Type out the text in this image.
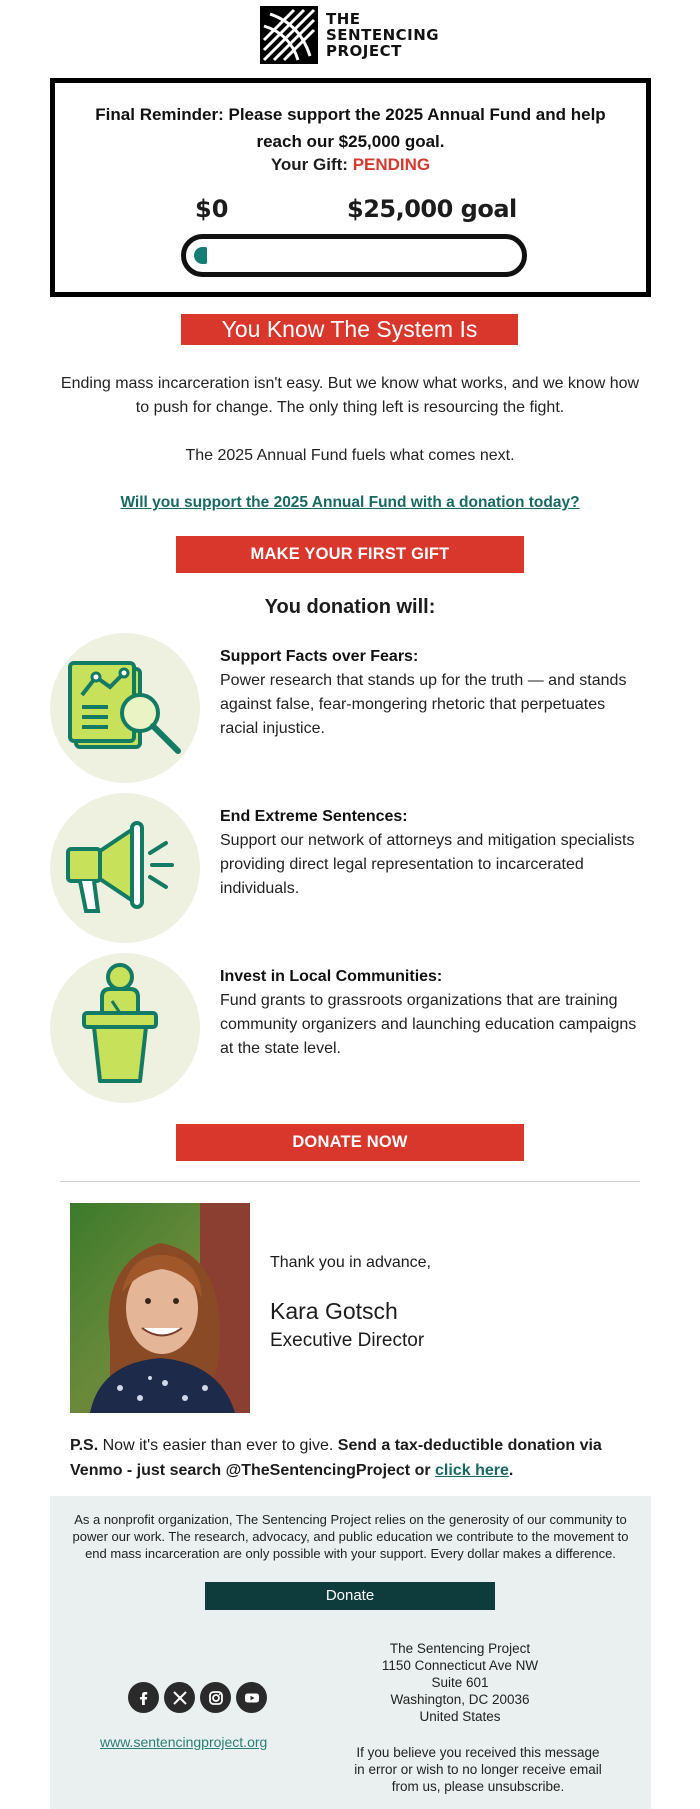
THE
SENTENCING
PROJECT
Final Reminder: Please support the 2025 Annual Fund and help reach our $25,000 goal.
Your Gift: PENDING
$0	$25,000 goal
You Know The System Is Broken.
Ending mass incarceration isn't easy. But we know what works, and we know how to push for change. The only thing left is resourcing the fight.
The 2025 Annual Fund fuels what comes next.
Will you support the 2025 Annual Fund with a donation today?
MAKE YOUR FIRST GIFT
You donation will:
Support Facts over Fears:
Power research that stands up for the truth — and stands against false, fear-mongering rhetoric that perpetuates racial injustice.
End Extreme Sentences:
Support our network of attorneys and mitigation specialists providing direct legal representation to incarcerated individuals.
Invest in Local Communities:
Fund grants to grassroots organizations that are training community organizers and launching education campaigns at the state level.
DONATE NOW
Thank you in advance,
Kara Gotsch
Executive Director
P.S. Now it's easier than ever to give. Send a tax-deductible donation via Venmo - just search @TheSentencingProject or click here.
As a nonprofit organization, The Sentencing Project relies on the generosity of our community to power our work. The research, advocacy, and public education we contribute to the movement to end mass incarceration are only possible with your support. Every dollar makes a difference.
Donate
www.sentencingproject.org
The Sentencing Project
1150 Connecticut Ave NW
Suite 601
Washington, DC 20036
United States
If you believe you received this message in error or wish to no longer receive email from us, please unsubscribe.
